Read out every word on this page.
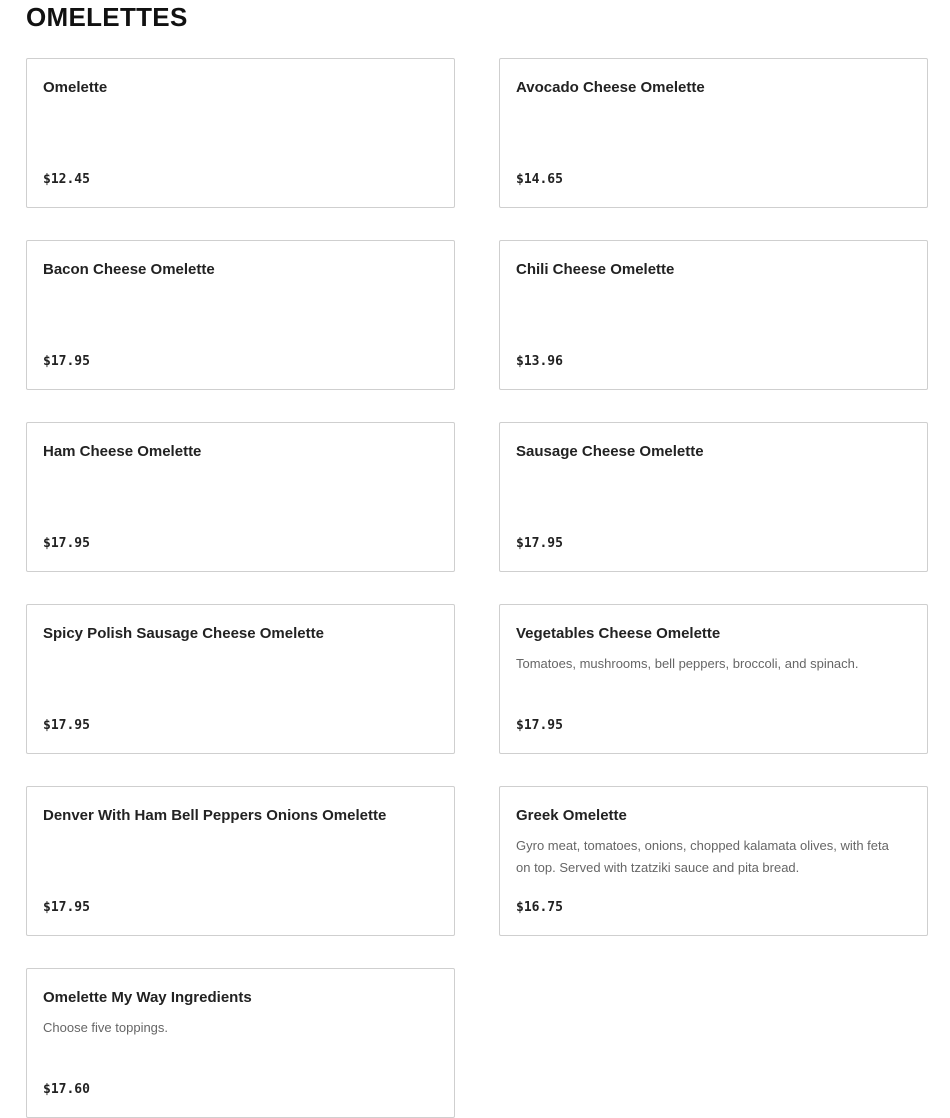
OMELETTES
Omelette
$12.45
Avocado Cheese Omelette
$14.65
Bacon Cheese Omelette
$17.95
Chili Cheese Omelette
$13.96
Ham Cheese Omelette
$17.95
Sausage Cheese Omelette
$17.95
Spicy Polish Sausage Cheese Omelette
$17.95
Vegetables Cheese Omelette
Tomatoes, mushrooms, bell peppers, broccoli, and spinach.
$17.95
Denver With Ham Bell Peppers Onions Omelette
$17.95
Greek Omelette
Gyro meat, tomatoes, onions, chopped kalamata olives, with feta on top. Served with tzatziki sauce and pita bread.
$16.75
Omelette My Way Ingredients
Choose five toppings.
$17.60
